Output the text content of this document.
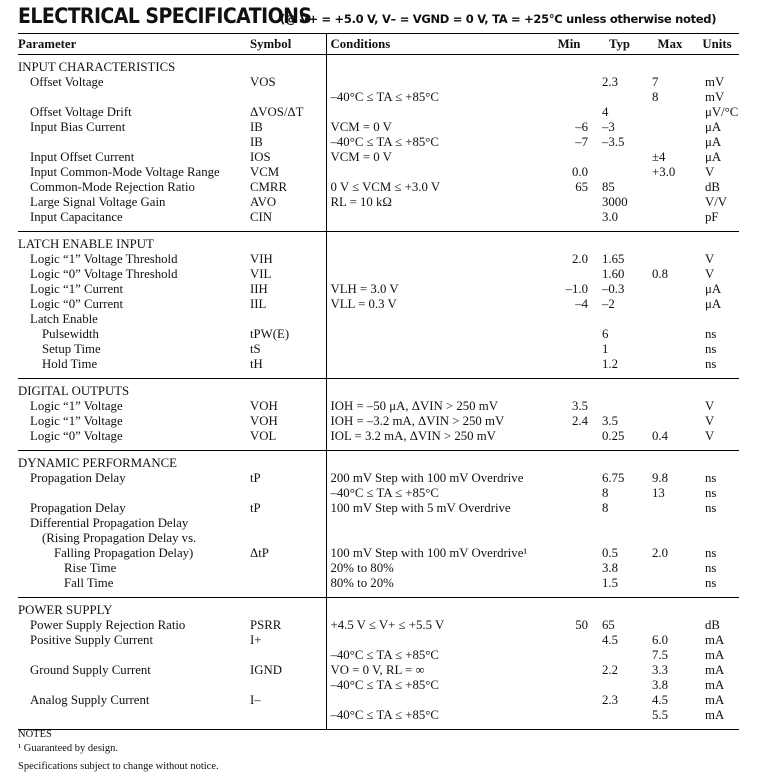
ELECTRICAL SPECIFICATIONS
(@ V+ = +5.0 V, V– = VGND = 0 V, TA = +25°C unless otherwise noted)
Parameter	Symbol	Conditions	Min	Typ	Max	Units
INPUT CHARACTERISTICS						
Offset Voltage	VOS			2.3	7	mV
		–40°C ≤ TA ≤ +85°C			8	mV
Offset Voltage Drift	ΔVOS/ΔT			4		μV/°C
Input Bias Current	IB	VCM = 0 V	–6	–3		μA
	IB	–40°C ≤ TA ≤ +85°C	–7	–3.5		μA
Input Offset Current	IOS	VCM = 0 V			±4	μA
Input Common-Mode Voltage Range	VCM		0.0		+3.0	V
Common-Mode Rejection Ratio	CMRR	0 V ≤ VCM ≤ +3.0 V	65	85		dB
Large Signal Voltage Gain	AVO	RL = 10 kΩ		3000		V/V
Input Capacitance	CIN			3.0		pF
LATCH ENABLE INPUT						
Logic “1” Voltage Threshold	VIH		2.0	1.65		V
Logic “0” Voltage Threshold	VIL			1.60	0.8	V
Logic “1” Current	IIH	VLH = 3.0 V	–1.0	–0.3		μA
Logic “0” Current	IIL	VLL = 0.3 V	–4	–2		μA
Latch Enable						
Pulsewidth	tPW(E)			6		ns
Setup Time	tS			1		ns
Hold Time	tH			1.2		ns
DIGITAL OUTPUTS						
Logic “1” Voltage	VOH	IOH = –50 μA, ΔVIN > 250 mV	3.5			V
Logic “1” Voltage	VOH	IOH = –3.2 mA, ΔVIN > 250 mV	2.4	3.5		V
Logic “0” Voltage	VOL	IOL = 3.2 mA, ΔVIN > 250 mV		0.25	0.4	V
DYNAMIC PERFORMANCE						
Propagation Delay	tP	200 mV Step with 100 mV Overdrive		6.75	9.8	ns
		–40°C ≤ TA ≤ +85°C		8	13	ns
Propagation Delay	tP	100 mV Step with 5 mV Overdrive		8		ns
Differential Propagation Delay						
(Rising Propagation Delay vs.						
Falling Propagation Delay)	ΔtP	100 mV Step with 100 mV Overdrive¹		0.5	2.0	ns
Rise Time		20% to 80%		3.8		ns
Fall Time		80% to 20%		1.5		ns
POWER SUPPLY						
Power Supply Rejection Ratio	PSRR	+4.5 V ≤ V+ ≤ +5.5 V	50	65		dB
Positive Supply Current	I+			4.5	6.0	mA
		–40°C ≤ TA ≤ +85°C			7.5	mA
Ground Supply Current	IGND	VO = 0 V, RL = ∞		2.2	3.3	mA
		–40°C ≤ TA ≤ +85°C			3.8	mA
Analog Supply Current	I–			2.3	4.5	mA
		–40°C ≤ TA ≤ +85°C			5.5	mA
NOTES
¹ Guaranteed by design.
Specifications subject to change without notice.
